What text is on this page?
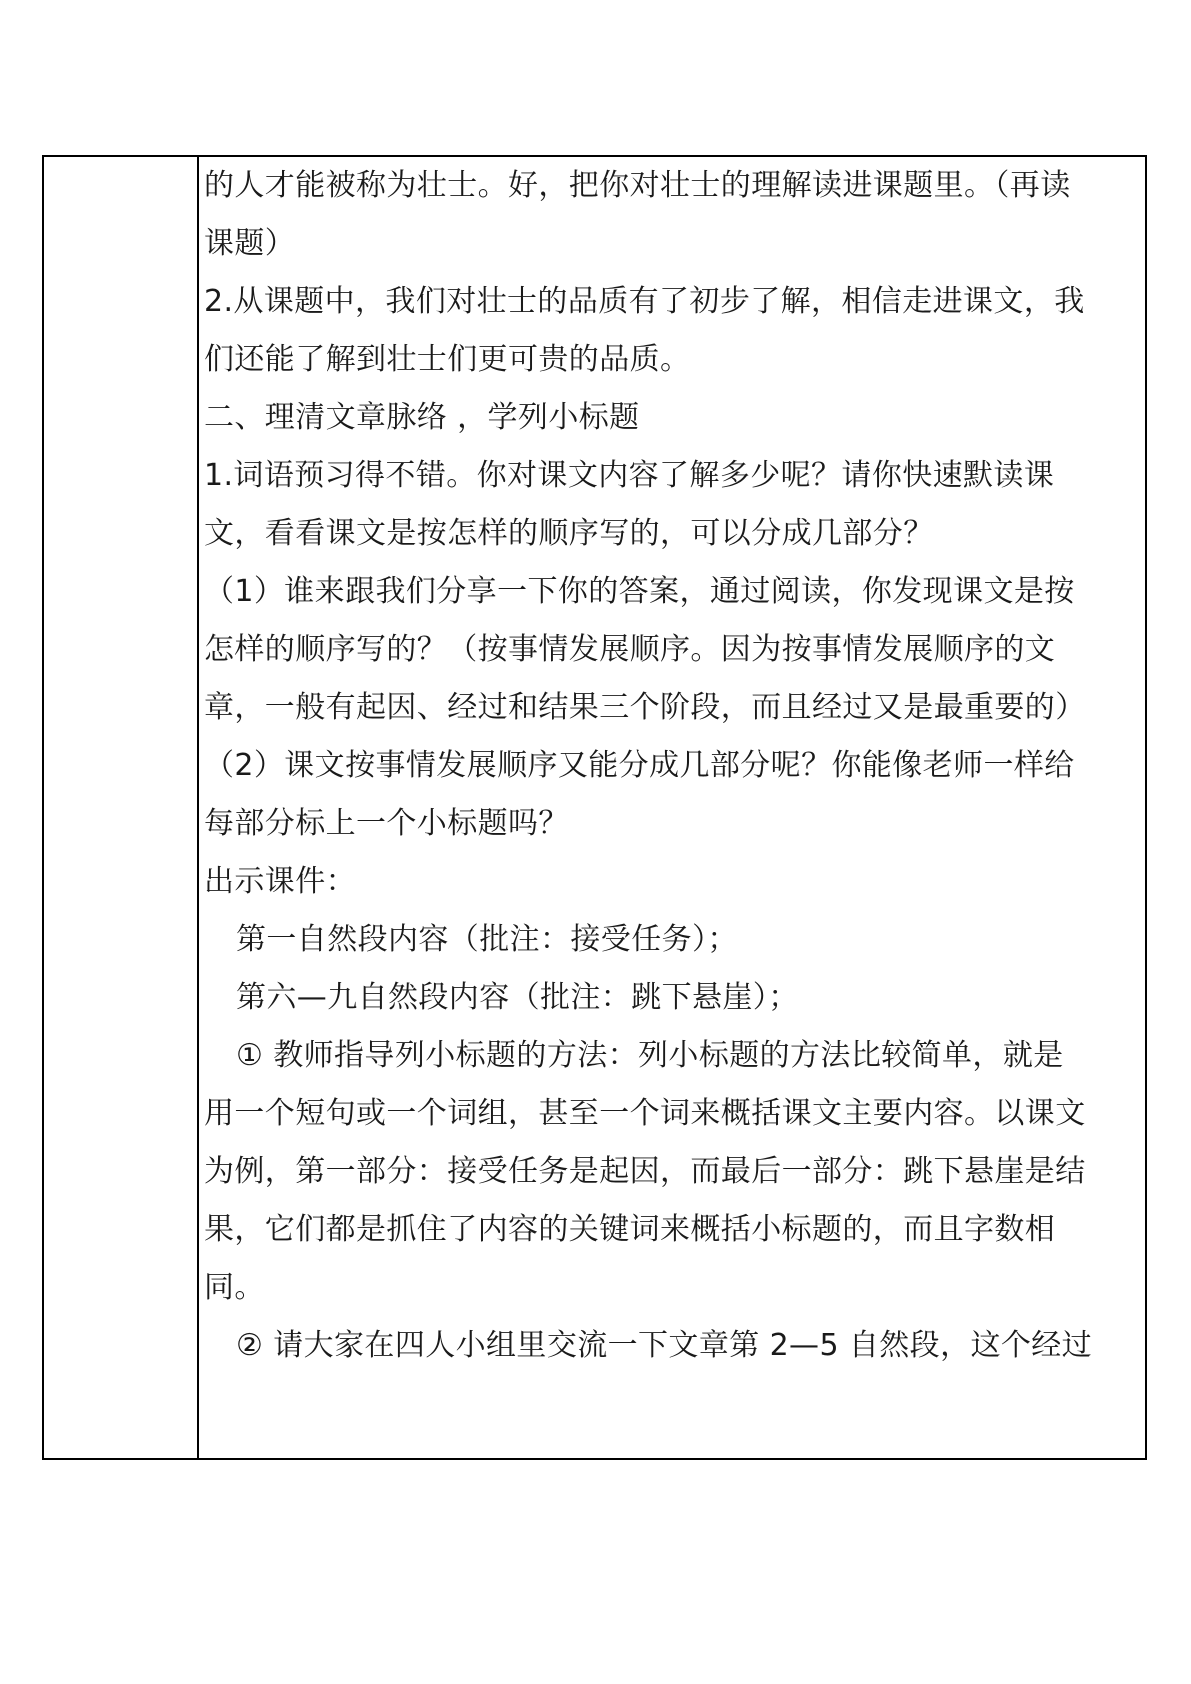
的人才能被称为壮士。好，把你对壮士的理解读进课题里。（再读
课题）
2.从课题中，我们对壮士的品质有了初步了解，相信走进课文，我
们还能了解到壮士们更可贵的品质。
二、理清文章脉络 ，学列小标题
1.词语预习得不错。你对课文内容了解多少呢？请你快速默读课
文，看看课文是按怎样的顺序写的，可以分成几部分？
（1）谁来跟我们分享一下你的答案，通过阅读，你发现课文是按
怎样的顺序写的？（按事情发展顺序。因为按事情发展顺序的文
章，一般有起因、经过和结果三个阶段，而且经过又是最重要的）
（2）课文按事情发展顺序又能分成几部分呢？你能像老师一样给
每部分标上一个小标题吗？
出示课件：
第一自然段内容（批注：接受任务）；
第六—九自然段内容（批注：跳下悬崖）；
① 教师指导列小标题的方法：列小标题的方法比较简单，就是
用一个短句或一个词组，甚至一个词来概括课文主要内容。以课文
为例，第一部分：接受任务是起因，而最后一部分：跳下悬崖是结
果，它们都是抓住了内容的关键词来概括小标题的，而且字数相
同。
② 请大家在四人小组里交流一下文章第 2—5 自然段，这个经过
